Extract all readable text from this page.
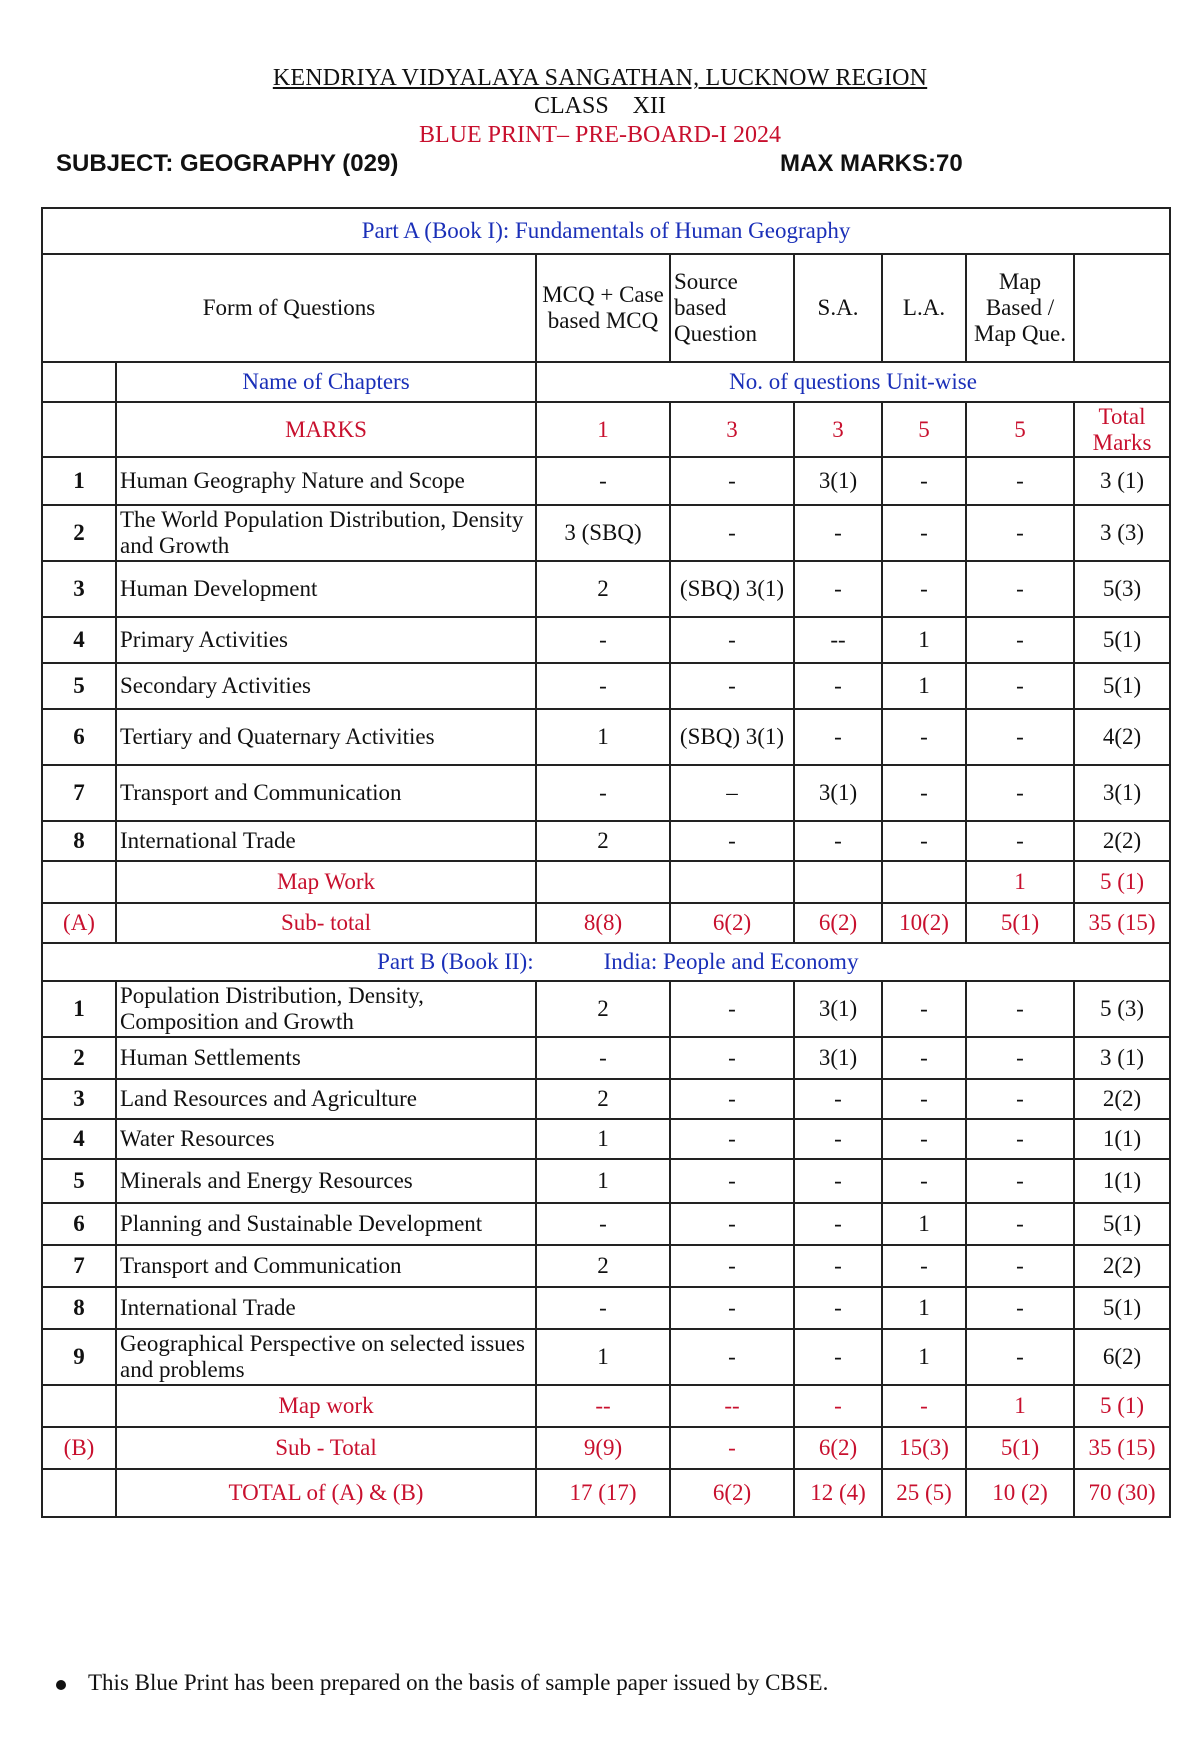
KENDRIYA VIDYALAYA SANGATHAN, LUCKNOW REGION
CLASS    XII
BLUE PRINT– PRE-BOARD-I 2024
SUBJECT: GEOGRAPHY (029)	MAX MARKS:70
Part A (Book I): Fundamentals of Human Geography							
Form of Questions		MCQ + Case based MCQ	Source based Question	S.A.	L.A.	Map Based / Map Que.	
	Name of Chapters	No. of questions Unit-wise					
	MARKS	1	3	3	5	5	Total Marks
1	Human Geography Nature and Scope	-	-	3(1)	-	-	3 (1)
2	The World Population Distribution, Density and Growth	3 (SBQ)	-	-	-	-	3 (3)
3	Human Development	2	(SBQ) 3(1)	-	-	-	5(3)
4	Primary Activities	-	-	--	1	-	5(1)
5	Secondary Activities	-	-	-	1	-	5(1)
6	Tertiary and Quaternary Activities	1	(SBQ) 3(1)	-	-	-	4(2)
7	Transport and Communication	-	–	3(1)	-	-	3(1)
8	International Trade	2	-	-	-	-	2(2)
	Map Work					1	5 (1)
(A)	Sub- total	8(8)	6(2)	6(2)	10(2)	5(1)	35 (15)
Part B (Book II): India: People and Economy							
1	Population Distribution, Density, Composition and Growth	2	-	3(1)	-	-	5 (3)
2	Human Settlements	-	-	3(1)	-	-	3 (1)
3	Land Resources and Agriculture	2	-	-	-	-	2(2)
4	Water Resources	1	-	-	-	-	1(1)
5	Minerals and Energy Resources	1	-	-	-	-	1(1)
6	Planning and Sustainable Development	-	-	-	1	-	5(1)
7	Transport and Communication	2	-	-	-	-	2(2)
8	International Trade	-	-	-	1	-	5(1)
9	Geographical Perspective on selected issues and problems	1	-	-	1	-	6(2)
	Map work	--	--	-	-	1	5 (1)
(B)	Sub - Total	9(9)	-	6(2)	15(3)	5(1)	35 (15)
	TOTAL of (A) & (B)	17 (17)	6(2)	12 (4)	25 (5)	10 (2)	70 (30)
This Blue Print has been prepared on the basis of sample paper issued by CBSE.
